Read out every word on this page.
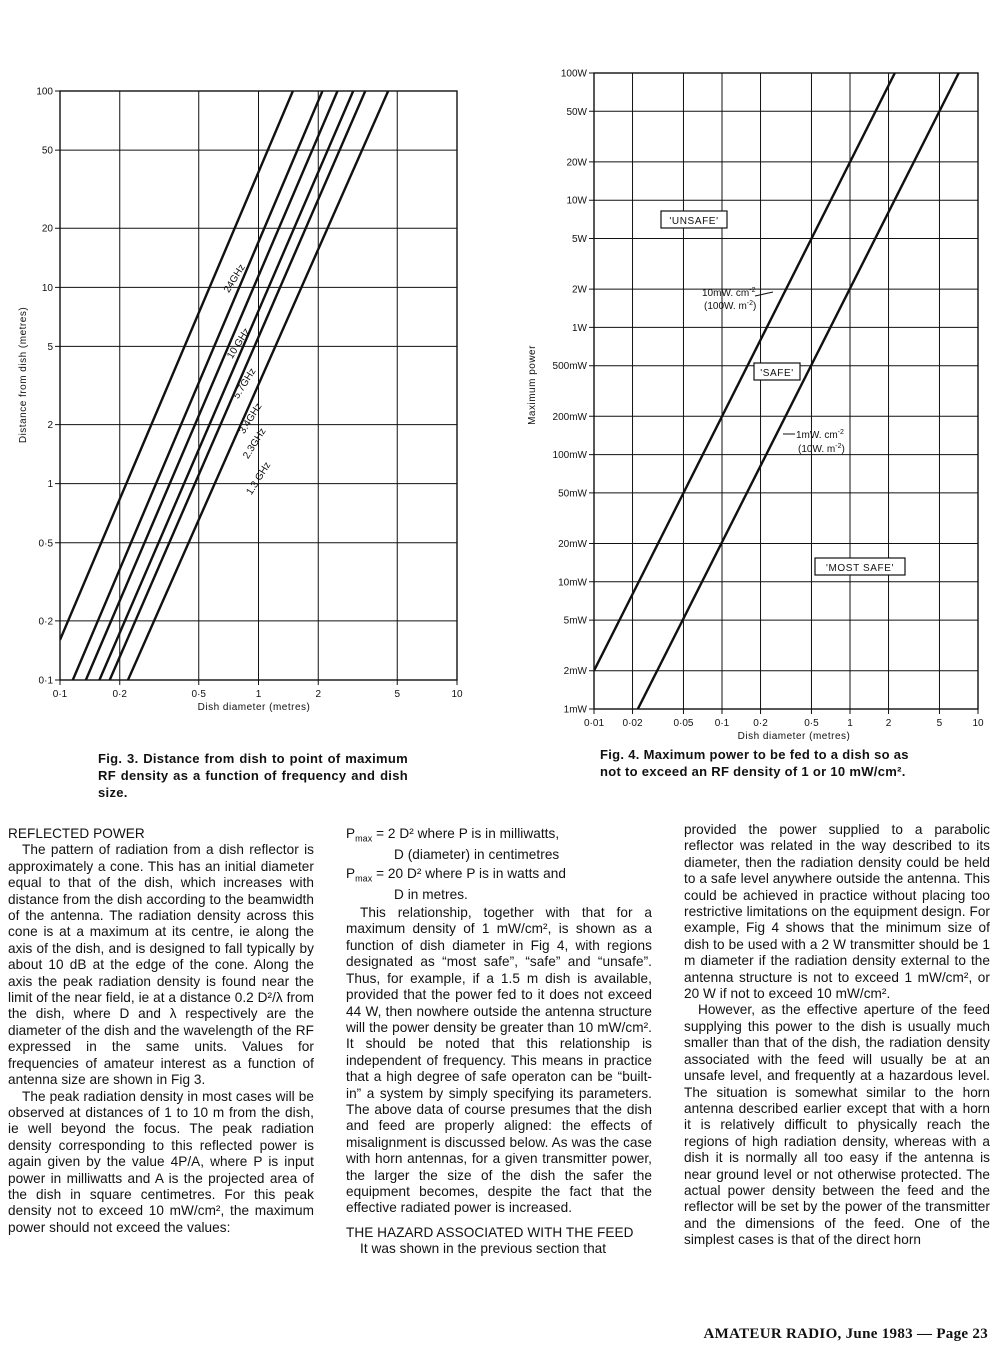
0·1	0·2	0·5	1	2	5	10
0·1
0·2
0·5
1
2
5
10
20
50
100
Dish diameter (metres)
Distance from dish (metres)
24GHz
10 GHz
5.7GHz
3.4GHz
2.3GHz
1.3 GHz
0·01 0·02	0·05 0·1 0·2	0·5	1	2	5	10
1mW
2mW
5mW
10mW
20mW
50mW
100mW
200mW
500mW
1W
2W
5W
10W
20W
50W
100W
Dish diameter (metres)
Maximum power
'UNSAFE'
'SAFE'
'MOST SAFE'
10mW. $cm^{-2}$
(100W. $m^{-2}$)
1mW. $cm^{-2}$
(10W. $m^{-2}$)
Fig. 3. Distance from dish to point of maximum RF density as a function of frequency and dish size.
Fig. 4. Maximum power to be fed to a dish so as not to exceed an RF density of 1 or 10 mW/cm².
REFLECTED POWER

The pattern of radiation from a dish reflector is approximately a cone. This has an initial diameter equal to that of the dish, which increases with distance from the dish according to the beamwidth of the antenna. The radiation density across this cone is at a maximum at its centre, ie along the axis of the dish, and is designed to fall typically by about 10 dB at the edge of the cone. Along the axis the peak radiation density is found near the limit of the near field, ie at a distance 0.2 D²/λ from the dish, where D and λ respectively are the diameter of the dish and the wavelength of the RF expressed in the same units. Values for frequencies of amateur interest as a function of antenna size are shown in Fig 3.

The peak radiation density in most cases will be observed at distances of 1 to 10 m from the dish, ie well beyond the focus. The peak radiation density corresponding to this reflected power is again given by the value 4P/A, where P is input power in milliwatts and A is the projected area of the dish in square centimetres. For this peak density not to exceed 10 mW/cm², the maximum power should not exceed the values:

$P_{max} = 2$ D² where P is in milliwatts,
D (diameter) in centimetres
$P_{max} = 20$ D² where P is in watts and
D in metres.

This relationship, together with that for a maximum density of 1 mW/cm², is shown as a function of dish diameter in Fig 4, with regions designated as “most safe”, “safe” and “unsafe”. Thus, for example, if a 1.5 m dish is available, provided that the power fed to it does not exceed 44 W, then nowhere outside the antenna structure will the power density be greater than 10 mW/cm². It should be noted that this relationship is independent of frequency. This means in practice that a high degree of safe operaton can be “built-in” a system by simply specifying its parameters. The above data of course presumes that the dish and feed are properly aligned: the effects of misalignment is discussed below. As was the case with horn antennas, for a given transmitter power, the larger the size of the dish the safer the equipment becomes, despite the fact that the effective radiated power is increased.

THE HAZARD ASSOCIATED WITH THE FEED

It was shown in the previous section that

provided the power supplied to a parabolic reflector was related in the way described to its diameter, then the radiation density could be held to a safe level anywhere outside the antenna. This could be achieved in practice without placing too restrictive limitations on the equipment design. For example, Fig 4 shows that the minimum size of dish to be used with a 2 W transmitter should be 1 m diameter if the radiation density external to the antenna structure is not to exceed 1 mW/cm², or 20 W if not to exceed 10 mW/cm².

However, as the effective aperture of the feed supplying this power to the dish is usually much smaller than that of the dish, the radiation density associated with the feed will usually be at an unsafe level, and frequently at a hazardous level. The situation is somewhat similar to the horn antenna described earlier except that with a horn it is relatively difficult to physically reach the regions of high radiation density, whereas with a dish it is normally all too easy if the antenna is near ground level or not otherwise protected. The actual power density between the feed and the reflector will be set by the power of the transmitter and the dimensions of the feed. One of the simplest cases is that of the direct horn

AMATEUR RADIO, June 1983 — Page 23
